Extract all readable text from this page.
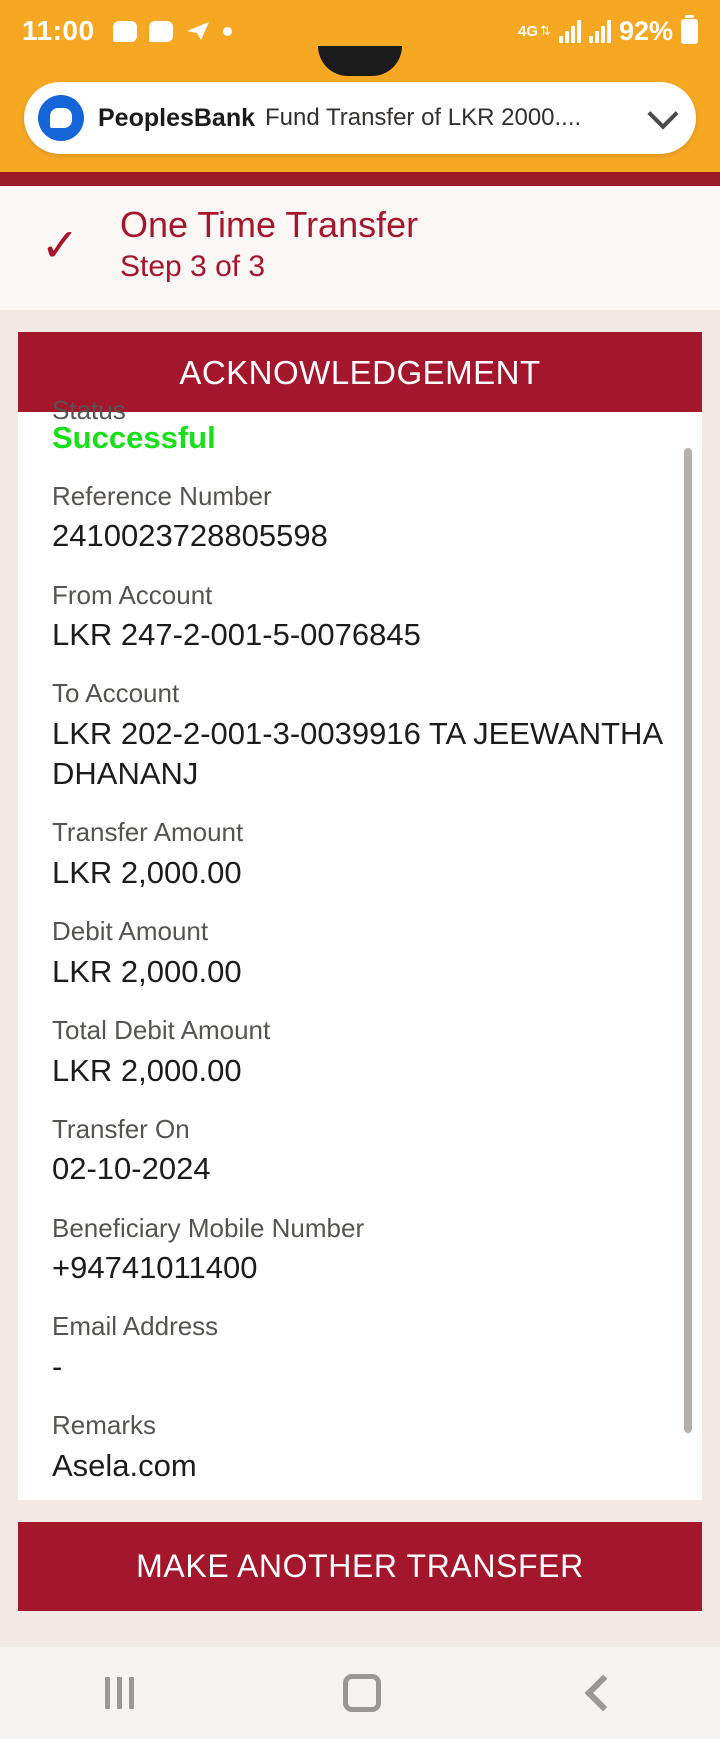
11:00	4G ⇅	92%
PeoplesBank Fund Transfer of LKR 2000....
✓	One Time Transfer
Step 3 of 3
ACKNOWLEDGEMENT
Status
Successful
Reference Number
2410023728805598
From Account
LKR 247-2-001-5-0076845
To Account
LKR 202-2-001-3-0039916 TA JEEWANTHA DHANANJ
Transfer Amount
LKR 2,000.00
Debit Amount
LKR 2,000.00
Total Debit Amount
LKR 2,000.00
Transfer On
02-10-2024
Beneficiary Mobile Number
+94741011400
Email Address
-
Remarks
Asela.com
MAKE ANOTHER TRANSFER
